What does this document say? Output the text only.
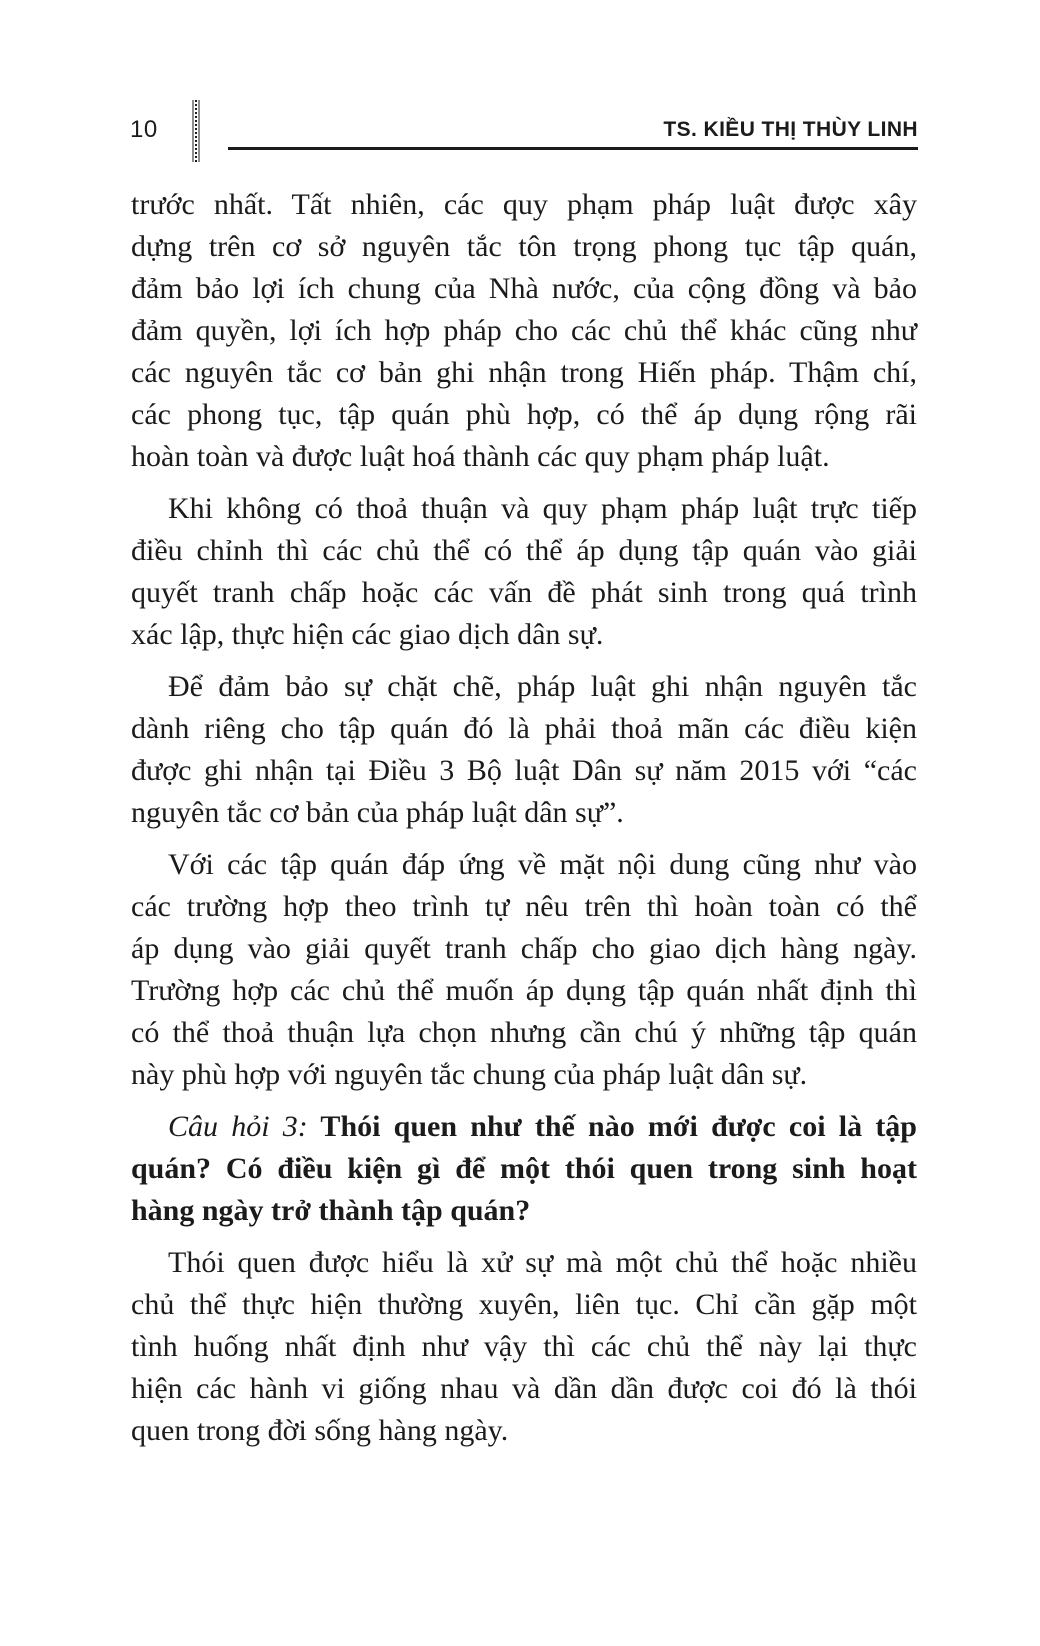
10	TS. KIỀU THỊ THÙY LINH
trước nhất. Tất nhiên, các quy phạm pháp luật được xây
dựng trên cơ sở nguyên tắc tôn trọng phong tục tập quán,
đảm bảo lợi ích chung của Nhà nước, của cộng đồng và bảo
đảm quyền, lợi ích hợp pháp cho các chủ thể khác cũng như
các nguyên tắc cơ bản ghi nhận trong Hiến pháp. Thậm chí,
các phong tục, tập quán phù hợp, có thể áp dụng rộng rãi
hoàn toàn và được luật hoá thành các quy phạm pháp luật.
Khi không có thoả thuận và quy phạm pháp luật trực tiếp
điều chỉnh thì các chủ thể có thể áp dụng tập quán vào giải
quyết tranh chấp hoặc các vấn đề phát sinh trong quá trình
xác lập, thực hiện các giao dịch dân sự.
Để đảm bảo sự chặt chẽ, pháp luật ghi nhận nguyên tắc
dành riêng cho tập quán đó là phải thoả mãn các điều kiện
được ghi nhận tại Điều 3 Bộ luật Dân sự năm 2015 với “các
nguyên tắc cơ bản của pháp luật dân sự”.
Với các tập quán đáp ứng về mặt nội dung cũng như vào
các trường hợp theo trình tự nêu trên thì hoàn toàn có thể
áp dụng vào giải quyết tranh chấp cho giao dịch hàng ngày.
Trường hợp các chủ thể muốn áp dụng tập quán nhất định thì
có thể thoả thuận lựa chọn nhưng cần chú ý những tập quán
này phù hợp với nguyên tắc chung của pháp luật dân sự.
Câu hỏi 3: Thói quen như thế nào mới được coi là tập
quán? Có điều kiện gì để một thói quen trong sinh hoạt
hàng ngày trở thành tập quán?
Thói quen được hiểu là xử sự mà một chủ thể hoặc nhiều
chủ thể thực hiện thường xuyên, liên tục. Chỉ cần gặp một
tình huống nhất định như vậy thì các chủ thể này lại thực
hiện các hành vi giống nhau và dần dần được coi đó là thói
quen trong đời sống hàng ngày.
